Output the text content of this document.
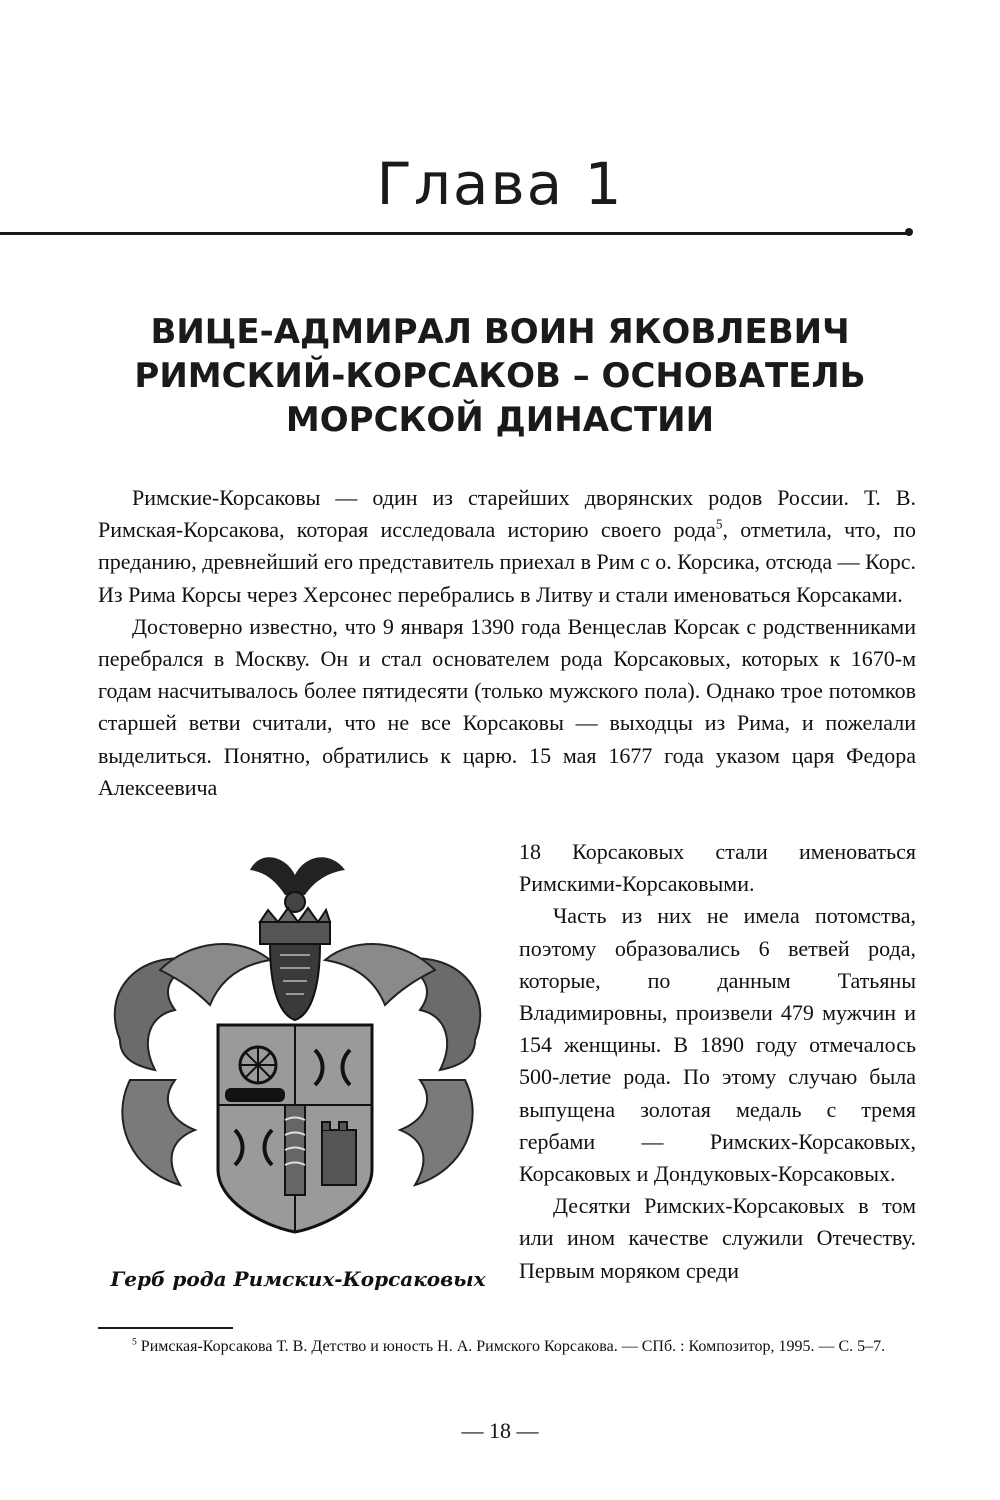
Глава 1
ВИЦЕ-АДМИРАЛ ВОИН ЯКОВЛЕВИЧ
РИМСКИЙ-КОРСАКОВ – ОСНОВАТЕЛЬ
МОРСКОЙ ДИНАСТИИ

Римские-Корсаковы — один из старейших дворянских родов России. Т. В. Римская-Корсакова, которая исследовала историю своего рода$^5$, отметила, что, по преданию, древнейший его представитель приехал в Рим с о. Корсика, отсюда — Корс. Из Рима Корсы через Херсонес перебрались в Литву и стали именоваться Корсаками.

Достоверно известно, что 9 января 1390 года Венцеслав Корсак с родственниками перебрался в Москву. Он и стал основателем рода Корсаковых, которых к 1670-м годам насчитывалось более пятидесяти (только мужского пола). Однако трое потомков старшей ветви считали, что не все Корсаковы — выходцы из Рима, и пожелали выделиться. Понятно, обратились к царю. 15 мая 1677 года указом царя Федора Алексеевича

Герб рода Римских-Корсаковых

18 Корсаковых стали именоваться Римскими-Корсаковыми.

Часть из них не имела потомства, поэтому образовались 6 ветвей рода, которые, по данным Татьяны Владимировны, произвели 479 мужчин и 154 женщины. В 1890 году отмечалось 500-летие рода. По этому случаю была выпущена золотая медаль с тремя гербами — Римских-Корсаковых, Корсаковых и Дондуковых-Корсаковых.

Десятки Римских-Корсаковых в том или ином качестве служили Отечеству. Первым моряком среди

$^5$ Римская-Корсакова Т. В. Детство и юность Н. А. Римского Корсакова. — СПб. : Композитор, 1995. — С. 5–7.
— 18 —
